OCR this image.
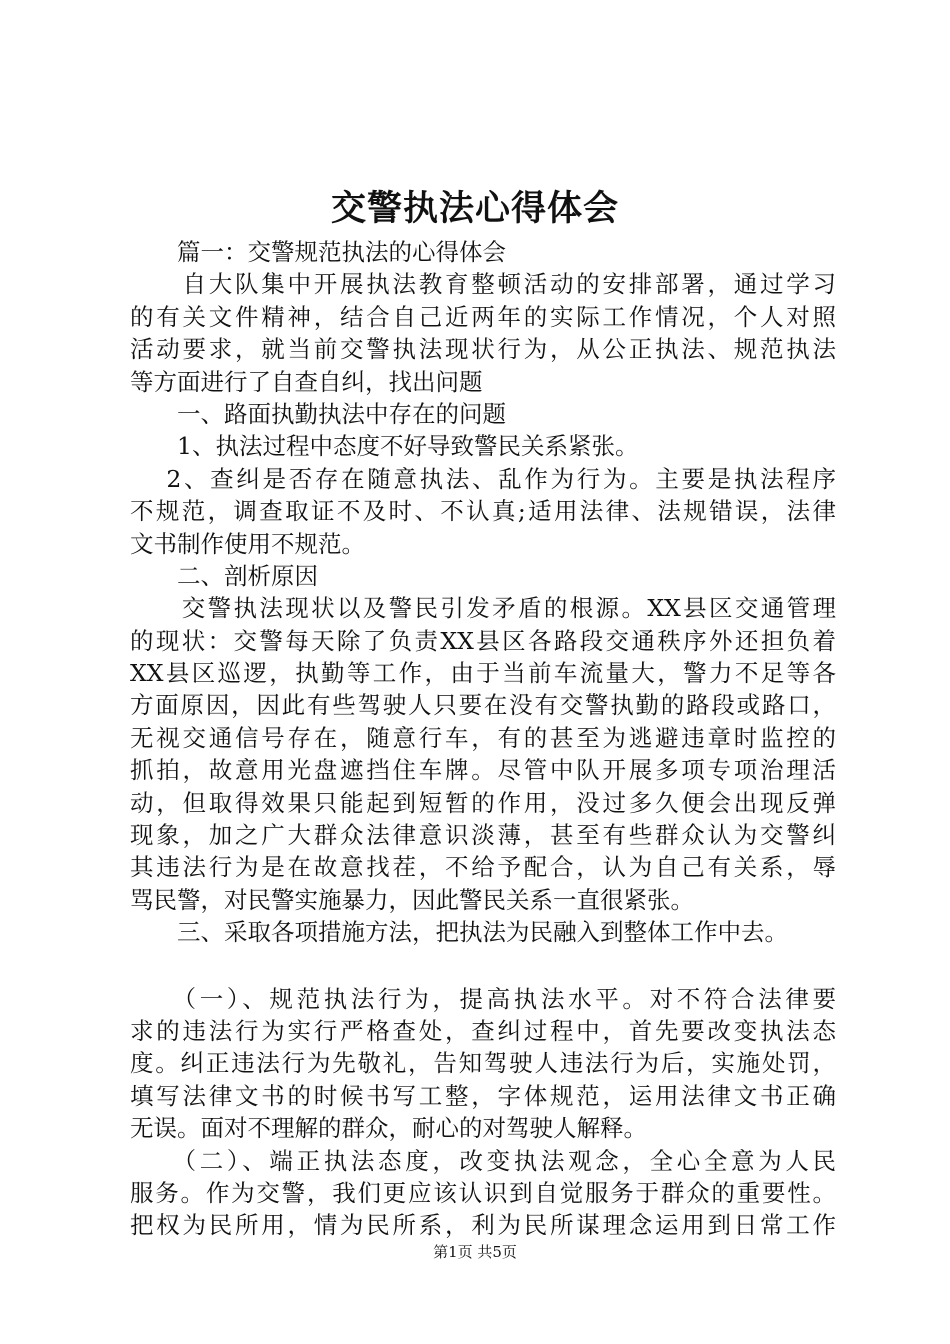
交警执法心得体会
　　篇一：交警规范执法的心得体会
　　自大队集中开展执法教育整顿活动的安排部署，通过学习
的有关文件精神，结合自己近两年的实际工作情况，个人对照
活动要求，就当前交警执法现状行为，从公正执法、规范执法
等方面进行了自查自纠，找出问题
　　一、路面执勤执法中存在的问题
　　1、执法过程中态度不好导致警民关系紧张。
　 2、查纠是否存在随意执法、乱作为行为。主要是执法程序
不规范，调查取证不及时、不认真;适用法律、法规错误，法律
文书制作使用不规范。
　　二、剖析原因
　　交警执法现状以及警民引发矛盾的根源。XX县区交通管理
的现状：交警每天除了负责XX县区各路段交通秩序外还担负着
XX县区巡逻，执勤等工作，由于当前车流量大，警力不足等各
方面原因，因此有些驾驶人只要在没有交警执勤的路段或路口，
无视交通信号存在，随意行车，有的甚至为逃避违章时监控的
抓拍，故意用光盘遮挡住车牌。尽管中队开展多项专项治理活
动，但取得效果只能起到短暂的作用，没过多久便会出现反弹
现象，加之广大群众法律意识淡薄，甚至有些群众认为交警纠
其违法行为是在故意找茬，不给予配合，认为自己有关系，辱
骂民警，对民警实施暴力，因此警民关系一直很紧张。
　　三、采取各项措施方法，把执法为民融入到整体工作中去。
　　（一）、规范执法行为，提高执法水平。对不符合法律要
求的违法行为实行严格查处，查纠过程中，首先要改变执法态
度。纠正违法行为先敬礼，告知驾驶人违法行为后，实施处罚，
填写法律文书的时候书写工整，字体规范，运用法律文书正确
无误。面对不理解的群众，耐心的对驾驶人解释。
　　（二）、端正执法态度，改变执法观念，全心全意为人民
服务。作为交警，我们更应该认识到自觉服务于群众的重要性。
把权为民所用，情为民所系，利为民所谋理念运用到日常工作
第1页 共5页
